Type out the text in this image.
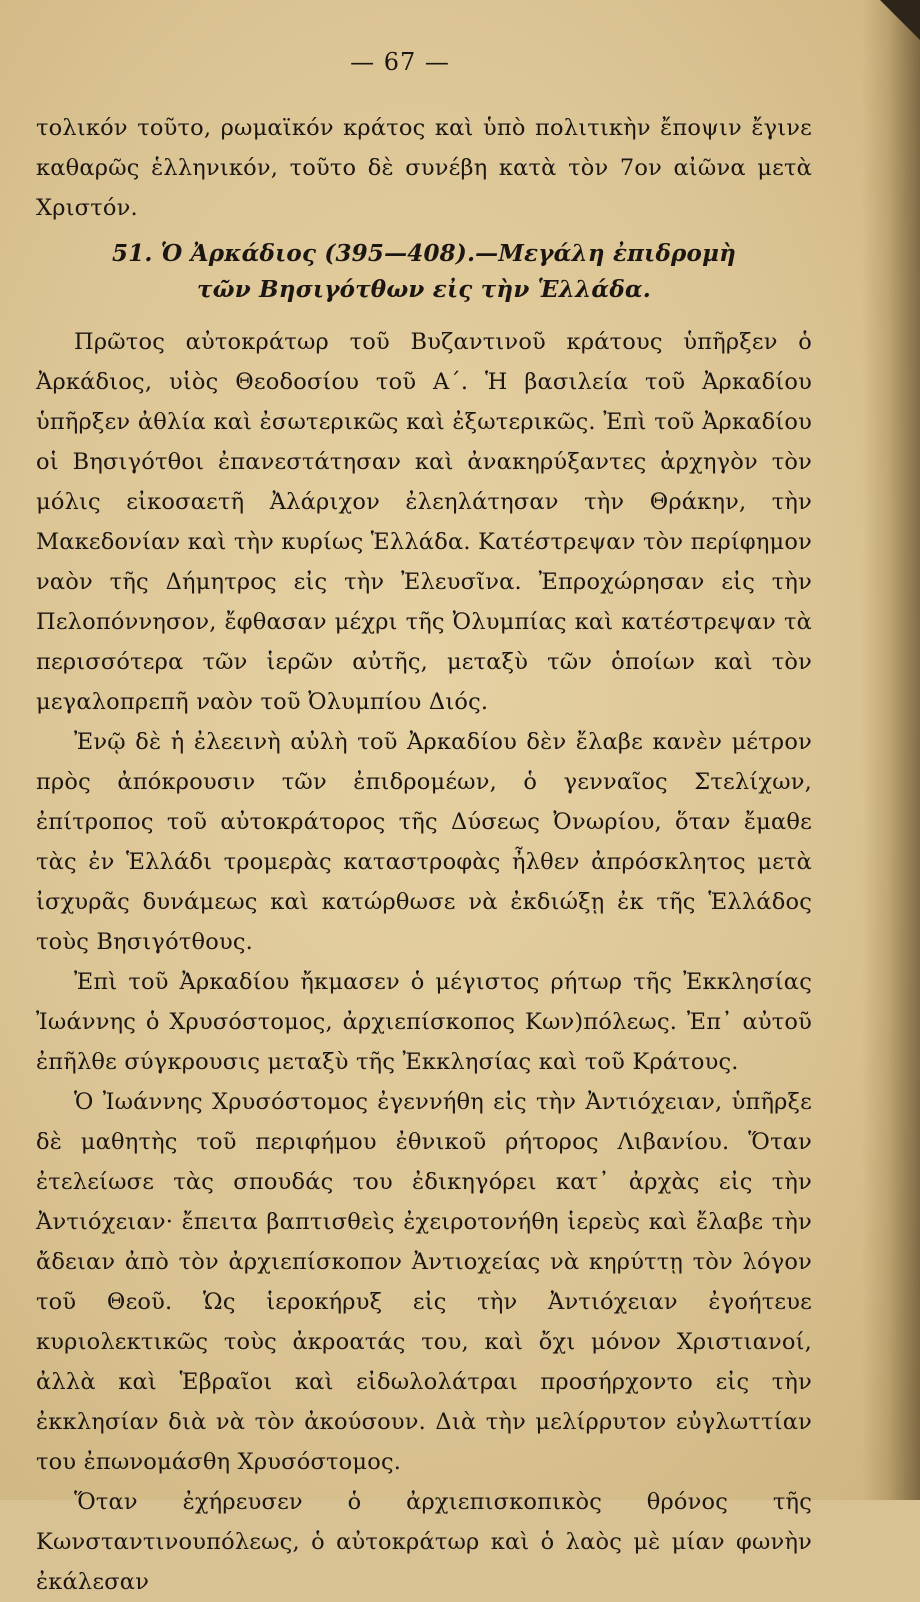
— 67 —

τολικόν τοῦτο, ρωμαϊκόν κράτος καὶ ὑπὸ πολιτικὴν ἔποψιν ἔγινε καθαρῶς ἑλληνικόν, τοῦτο δὲ συνέβη κατὰ τὸν 7ον αἰῶνα μετὰ Χριστόν.

51. Ὁ Ἀρκάδιος (395—408).—Μεγάλη ἐπιδρομὴ
τῶν Βησιγότθων εἰς τὴν Ἑλλάδα.

Πρῶτος αὐτοκράτωρ τοῦ Βυζαντινοῦ κράτους ὑπῆρξεν ὁ Ἀρκάδιος, υἱὸς Θεοδοσίου τοῦ Α΄. Ἡ βασιλεία τοῦ Ἀρκαδίου ὑπῆρξεν ἀθλία καὶ ἐσωτερικῶς καὶ ἐξωτερικῶς. Ἐπὶ τοῦ Ἀρκαδίου οἱ Βησιγότθοι ἐπανεστάτησαν καὶ ἀνακηρύξαντες ἀρχηγὸν τὸν μόλις εἰκοσαετῆ Ἀλάριχον ἐλεηλάτησαν τὴν Θράκην, τὴν Μακεδονίαν καὶ τὴν κυρίως Ἑλλάδα. Κατέστρεψαν τὸν περίφημον ναὸν τῆς Δήμητρος εἰς τὴν Ἐλευσῖνα. Ἐπροχώρησαν εἰς τὴν Πελοπόννησον, ἔφθασαν μέχρι τῆς Ὀλυμπίας καὶ κατέστρεψαν τὰ περισσότερα τῶν ἱερῶν αὐτῆς, μεταξὺ τῶν ὁποίων καὶ τὸν μεγαλοπρεπῆ ναὸν τοῦ Ὀλυμπίου Διός.

Ἐνῷ δὲ ἡ ἐλεεινὴ αὐλὴ τοῦ Ἀρκαδίου δὲν ἔλαβε κανὲν μέτρον πρὸς ἀπόκρουσιν τῶν ἐπιδρομέων, ὁ γενναῖος Στελίχων, ἐπίτροπος τοῦ αὐτοκράτορος τῆς Δύσεως Ὀνωρίου, ὅταν ἔμαθε τὰς ἐν Ἑλλάδι τρομερὰς καταστροφὰς ἦλθεν ἀπρόσκλητος μετὰ ἰσχυρᾶς δυνάμεως καὶ κατώρθωσε νὰ ἐκδιώξῃ ἐκ τῆς Ἑλλάδος τοὺς Βησιγότθους.

Ἐπὶ τοῦ Ἀρκαδίου ἤκμασεν ὁ μέγιστος ρήτωρ τῆς Ἐκκλησίας Ἰωάννης ὁ Χρυσόστομος, ἀρχιεπίσκοπος Κων)πόλεως. Ἐπ᾿ αὐτοῦ ἐπῆλθε σύγκρουσις μεταξὺ τῆς Ἐκκλησίας καὶ τοῦ Κράτους.

Ὁ Ἰωάννης Χρυσόστομος ἐγεννήθη εἰς τὴν Ἀντιόχειαν, ὑπῆρξε δὲ μαθητὴς τοῦ περιφήμου ἐθνικοῦ ρήτορος Λιβανίου. Ὅταν ἐτελείωσε τὰς σπουδάς του ἐδικηγόρει κατ᾿ ἀρχὰς εἰς τὴν Ἀντιόχειαν· ἔπειτα βαπτισθεὶς ἐχειροτονήθη ἱερεὺς καὶ ἔλαβε τὴν ἄδειαν ἀπὸ τὸν ἀρχιεπίσκοπον Ἀντιοχείας νὰ κηρύττῃ τὸν λόγον τοῦ Θεοῦ. Ὡς ἱεροκήρυξ εἰς τὴν Ἀντιόχειαν ἐγοήτευε κυριολεκτικῶς τοὺς ἀκροατάς του, καὶ ὄχι μόνον Χριστιανοί, ἀλλὰ καὶ Ἑβραῖοι καὶ εἰδωλολάτραι προσήρχοντο εἰς τὴν ἐκκλησίαν διὰ νὰ τὸν ἀκούσουν. Διὰ τὴν μελίρρυτον εὐγλωττίαν του ἐπωνομάσθη Χρυσόστομος.

Ὅταν ἐχήρευσεν ὁ ἀρχιεπισκοπικὸς θρόνος τῆς Κωνσταντινουπόλεως, ὁ αὐτοκράτωρ καὶ ὁ λαὸς μὲ μίαν φωνὴν ἐκάλεσαν
